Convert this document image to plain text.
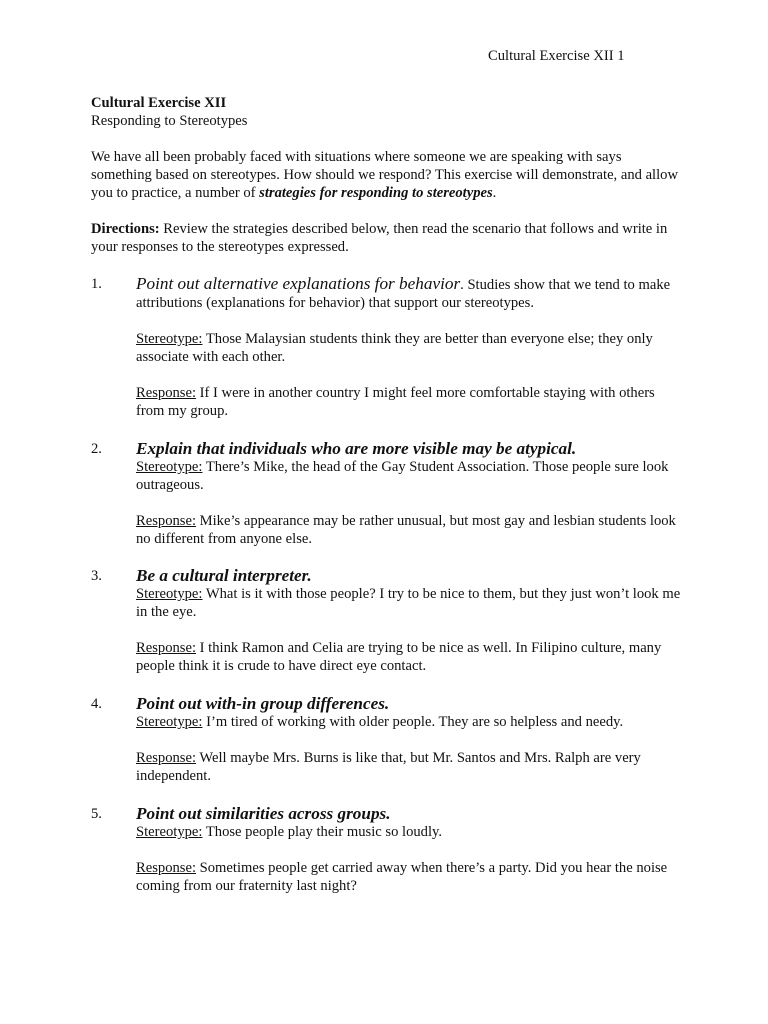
Cultural Exercise XII 1

Cultural Exercise XII

Responding to Stereotypes

We have all been probably faced with situations where someone we are speaking with says something based on stereotypes. How should we respond? This exercise will demonstrate, and allow you to practice, a number of strategies for responding to stereotypes.

Directions: Review the strategies described below, then read the scenario that follows and write in your responses to the stereotypes expressed.

1. Point out alternative explanations for behavior. Studies show that we tend to make attributions (explanations for behavior) that support our stereotypes.

Stereotype: Those Malaysian students think they are better than everyone else; they only associate with each other.

Response: If I were in another country I might feel more comfortable staying with others from my group.

2. Explain that individuals who are more visible may be atypical.

Stereotype: There’s Mike, the head of the Gay Student Association. Those people sure look outrageous.

Response: Mike’s appearance may be rather unusual, but most gay and lesbian students look no different from anyone else.

3. Be a cultural interpreter.

Stereotype: What is it with those people? I try to be nice to them, but they just won’t look me in the eye.

Response: I think Ramon and Celia are trying to be nice as well. In Filipino culture, many people think it is crude to have direct eye contact.

4. Point out with-in group differences.

Stereotype: I’m tired of working with older people. They are so helpless and needy.

Response: Well maybe Mrs. Burns is like that, but Mr. Santos and Mrs. Ralph are very independent.

5. Point out similarities across groups.

Stereotype: Those people play their music so loudly.

Response: Sometimes people get carried away when there’s a party. Did you hear the noise coming from our fraternity last night?
